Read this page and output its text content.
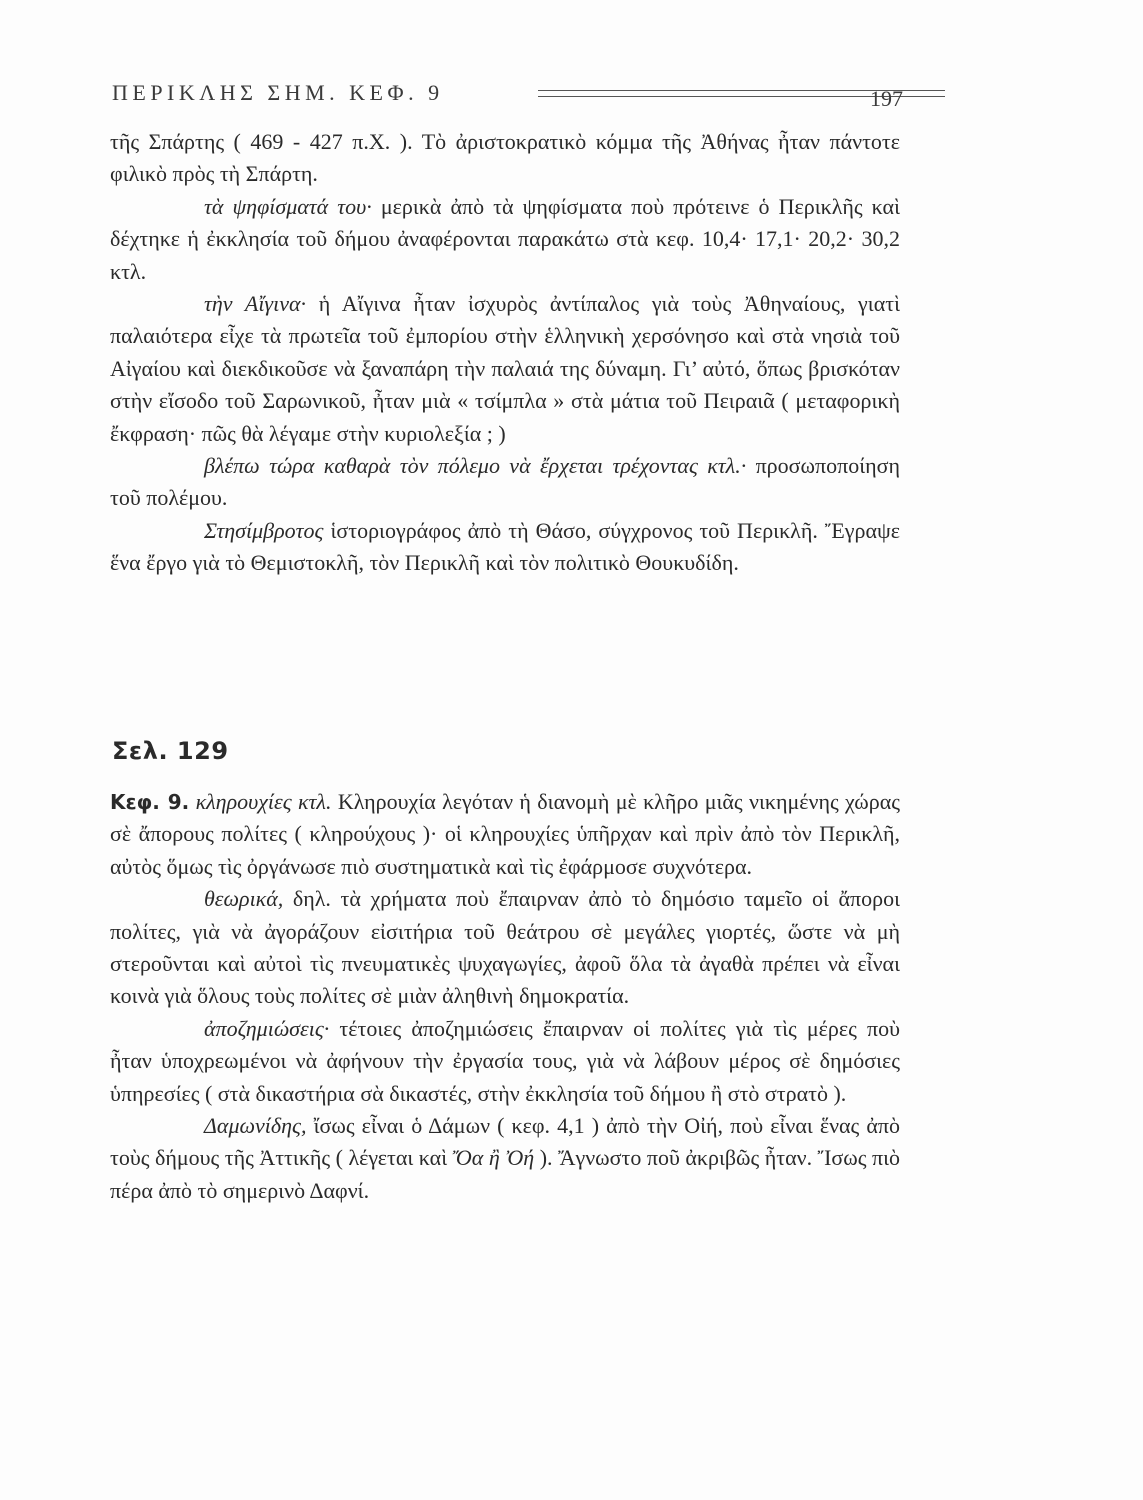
ΠΕΡΙΚΛΗΣ ΣΗΜ. ΚΕΦ. 9	197

τῆς Σπάρτης ( 469 - 427 π.Χ. ). Τὸ ἀριστοκρατικὸ κόμμα τῆς Ἀθήνας ἦταν πάντοτε φιλικὸ πρὸς τὴ Σπάρτη.

τὰ ψηφίσματά του· μερικὰ ἀπὸ τὰ ψηφίσματα ποὺ πρότεινε ὁ Περικλῆς καὶ δέχτηκε ἡ ἐκκλησία τοῦ δήμου ἀναφέρονται παρακάτω στὰ κεφ. 10,4· 17,1· 20,2· 30,2 κτλ.

τὴν Αἴγινα· ἡ Αἴγινα ἦταν ἰσχυρὸς ἀντίπαλος γιὰ τοὺς Ἀθηναίους, γιατὶ παλαιότερα εἶχε τὰ πρωτεῖα τοῦ ἐμπορίου στὴν ἑλληνικὴ χερσόνησο καὶ στὰ νησιὰ τοῦ Αἰγαίου καὶ διεκδικοῦσε νὰ ξαναπάρη τὴν παλαιά της δύναμη. Γι’ αὐτό, ὅπως βρισκόταν στὴν εἴσοδο τοῦ Σαρωνικοῦ, ἦταν μιὰ « τσίμπλα » στὰ μάτια τοῦ Πειραιᾶ ( μεταφορικὴ ἔκφραση· πῶς θὰ λέγαμε στὴν κυριολεξία ; )

βλέπω τώρα καθαρὰ τὸν πόλεμο νὰ ἔρχεται τρέχοντας κτλ.· προσωποποίηση τοῦ πολέμου.

Στησίμβροτος ἱστοριογράφος ἀπὸ τὴ Θάσο, σύγχρονος τοῦ Περικλῆ. Ἔγραψε ἕνα ἔργο γιὰ τὸ Θεμιστοκλῆ, τὸν Περικλῆ καὶ τὸν πολιτικὸ Θουκυδίδη.

Σελ. 129

Κεφ. 9. κληρουχίες κτλ. Κληρουχία λεγόταν ἡ διανομὴ μὲ κλῆρο μιᾶς νικημένης χώρας σὲ ἄπορους πολίτες ( κληρούχους )· οἱ κληρουχίες ὑπῆρχαν καὶ πρὶν ἀπὸ τὸν Περικλῆ, αὐτὸς ὅμως τὶς ὀργάνωσε πιὸ συστηματικὰ καὶ τὶς ἐφάρμοσε συχνότερα.

θεωρικά, δηλ. τὰ χρήματα ποὺ ἔπαιρναν ἀπὸ τὸ δημόσιο ταμεῖο οἱ ἄποροι πολίτες, γιὰ νὰ ἀγοράζουν εἰσιτήρια τοῦ θεάτρου σὲ μεγάλες γιορτές, ὥστε νὰ μὴ στεροῦνται καὶ αὐτοὶ τὶς πνευματικὲς ψυχαγωγίες, ἀφοῦ ὅλα τὰ ἀγαθὰ πρέπει νὰ εἶναι κοινὰ γιὰ ὅλους τοὺς πολίτες σὲ μιὰν ἀληθινὴ δημοκρατία.

ἀποζημιώσεις· τέτοιες ἀποζημιώσεις ἔπαιρναν οἱ πολίτες γιὰ τὶς μέρες ποὺ ἦταν ὑποχρεωμένοι νὰ ἀφήνουν τὴν ἐργασία τους, γιὰ νὰ λάβουν μέρος σὲ δημόσιες ὑπηρεσίες ( στὰ δικαστήρια σὰ δικαστές, στὴν ἐκκλησία τοῦ δήμου ἢ στὸ στρατὸ ).

Δαμωνίδης, ἴσως εἶναι ὁ Δάμων ( κεφ. 4,1 ) ἀπὸ τὴν Οἰή, ποὺ εἶναι ἕνας ἀπὸ τοὺς δήμους τῆς Ἀττικῆς ( λέγεται καὶ Ὄα ἢ Ὀή ). Ἄγνωστο ποῦ ἀκριβῶς ἦταν. Ἴσως πιὸ πέρα ἀπὸ τὸ σημερινὸ Δαφνί.
